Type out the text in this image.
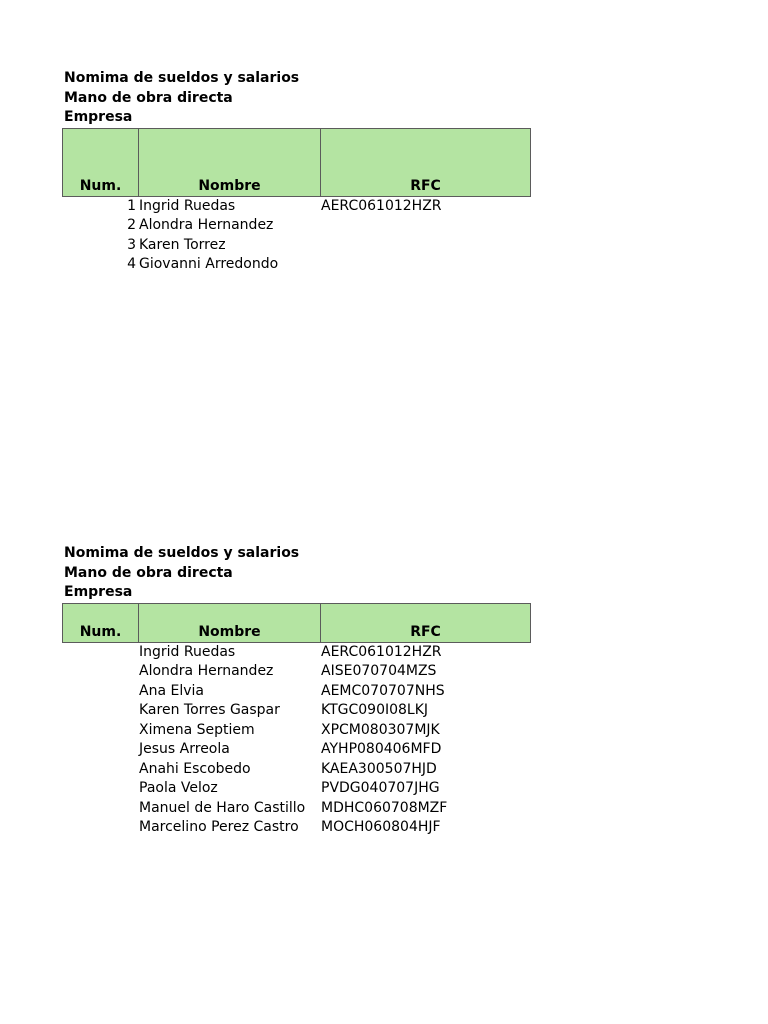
Nomima de sueldos y salarios
Mano de obra directa
Empresa
Num.	Nombre	RFC
1 Ingrid Ruedas	AERC061012HZR
2 Alondra Hernandez
3 Karen Torrez
4 Giovanni Arredondo
Nomima de sueldos y salarios
Mano de obra directa
Empresa
Num.	Nombre	RFC
Ingrid Ruedas	AERC061012HZR
Alondra Hernandez	AISE070704MZS
Ana Elvia	AEMC070707NHS
Karen Torres Gaspar	KTGC090I08LKJ
Ximena Septiem	XPCM080307MJK
Jesus Arreola	AYHP080406MFD
Anahi Escobedo	KAEA300507HJD
Paola Veloz	PVDG040707JHG
Manuel de Haro Castillo	MDHC060708MZF
Marcelino Perez Castro	MOCH060804HJF
